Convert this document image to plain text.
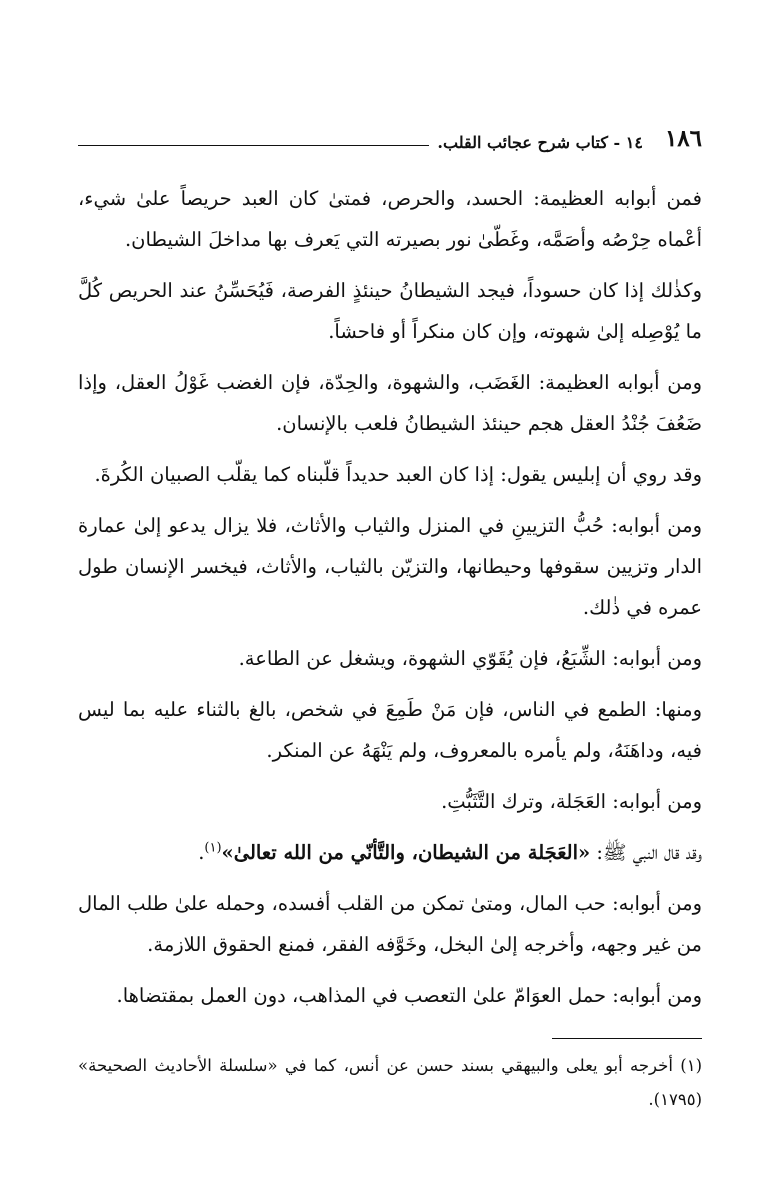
١٨٦
١٤ - كتاب شرح عجائب القلب.

فمن أبوابه العظيمة: الحسد، والحرص، فمتىٰ كان العبد حريصاً علىٰ شيء، أعْماه حِرْصُه وأصَمَّه، وغَطّىٰ نور بصيرته التي يَعرف بها مداخلَ الشيطان.

وكذٰلك إذا كان حسوداً، فيجد الشيطانُ حينئذٍ الفرصة، فَيُحَسِّنُ عند الحريص كُلَّ ما يُوْصِله إلىٰ شهوته، وإن كان منكراً أو فاحشاً.

ومن أبوابه العظيمة: الغَضَب، والشهوة، والحِدّة، فإن الغضب غَوْلُ العقل، وإذا ضَعُفَ جُنْدُ العقل هجم حينئذ الشيطانُ فلعب بالإنسان.

وقد روي أن إبليس يقول: إذا كان العبد حديداً قلّبناه كما يقلّب الصبيان الكُرةَ.

ومن أبوابه: حُبُّ التزيينِ في المنزل والثياب والأثاث، فلا يزال يدعو إلىٰ عمارة الدار وتزيين سقوفها وحيطانها، والتزيّن بالثياب، والأثاث، فيخسر الإنسان طول عمره في ذٰلك.

ومن أبوابه: الشِّبَعُ، فإن يُقَوّي الشهوة، ويشغل عن الطاعة.

ومنها: الطمع في الناس، فإن مَنْ طَمِعَ في شخص، بالغ بالثناء عليه بما ليس فيه، وداهَنَهُ، ولم يأمره بالمعروف، ولم يَنْهَهُ عن المنكر.

ومن أبوابه: العَجَلة، وترك التَّثَبُّتِ.

وقد قال النبي ﷺ: «العَجَلة من الشيطان، والتَّأنّي من الله تعالىٰ»$^{(١)}$.

ومن أبوابه: حب المال، ومتىٰ تمكن من القلب أفسده، وحمله علىٰ طلب المال من غير وجهه، وأخرجه إلىٰ البخل، وخَوَّفه الفقر، فمنع الحقوق اللازمة.

ومن أبوابه: حمل العوَامّ علىٰ التعصب في المذاهب، دون العمل بمقتضاها.

(١) أخرجه أبو يعلى والبيهقي بسند حسن عن أنس، كما في «سلسلة الأحاديث الصحيحة» (١٧٩٥).
